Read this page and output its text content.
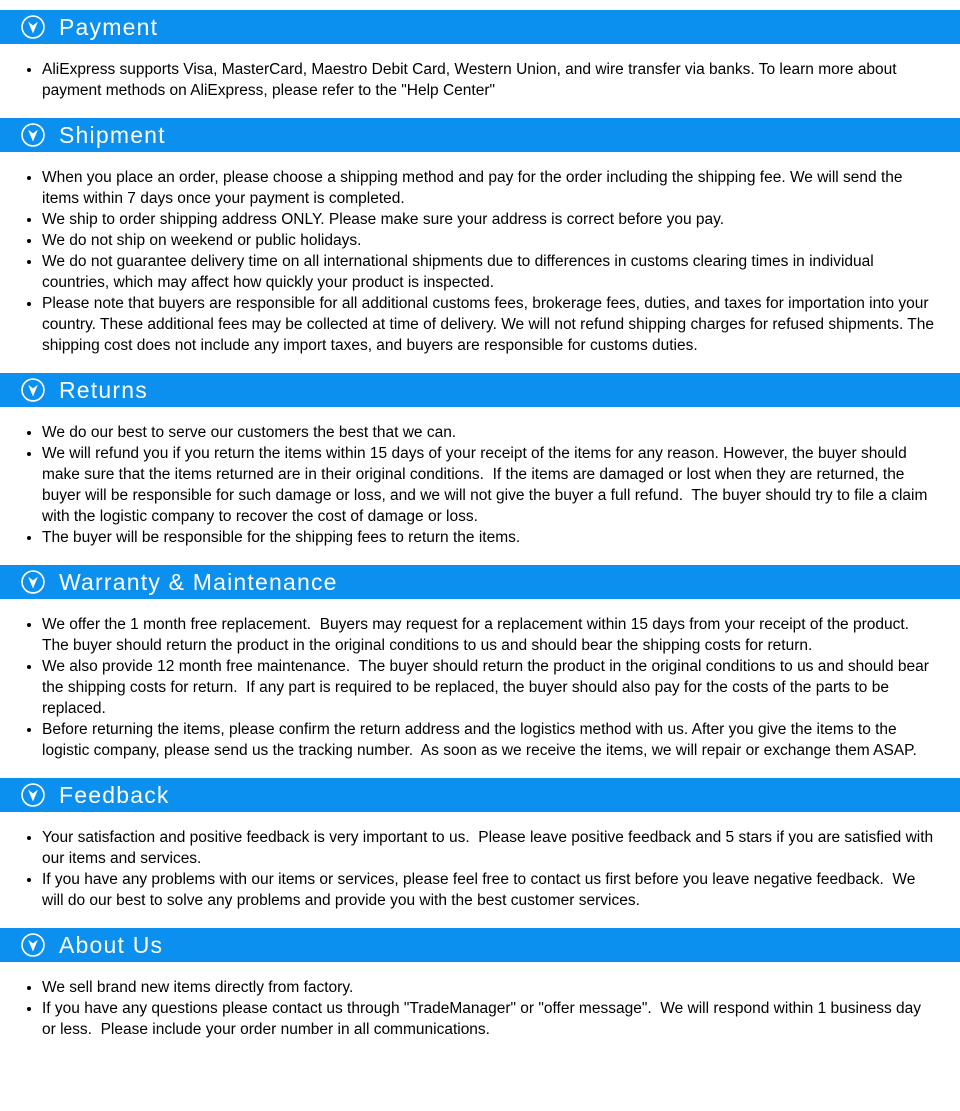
Payment
• AliExpress supports Visa, MasterCard, Maestro Debit Card, Western Union, and wire transfer via banks. To learn more about payment methods on AliExpress, please refer to the "Help Center"
Shipment
• When you place an order, please choose a shipping method and pay for the order including the shipping fee. We will send the items within 7 days once your payment is completed.
• We ship to order shipping address ONLY. Please make sure your address is correct before you pay.
• We do not ship on weekend or public holidays.
• We do not guarantee delivery time on all international shipments due to differences in customs clearing times in individual countries, which may affect how quickly your product is inspected.
• Please note that buyers are responsible for all additional customs fees, brokerage fees, duties, and taxes for importation into your country. These additional fees may be collected at time of delivery. We will not refund shipping charges for refused shipments. The shipping cost does not include any import taxes, and buyers are responsible for customs duties.
Returns
• We do our best to serve our customers the best that we can.
• We will refund you if you return the items within 15 days of your receipt of the items for any reason. However, the buyer should make sure that the items returned are in their original conditions.  If the items are damaged or lost when they are returned, the buyer will be responsible for such damage or loss, and we will not give the buyer a full refund.  The buyer should try to file a claim with the logistic company to recover the cost of damage or loss.
• The buyer will be responsible for the shipping fees to return the items.
Warranty & Maintenance
• We offer the 1 month free replacement.  Buyers may request for a replacement within 15 days from your receipt of the product. The buyer should return the product in the original conditions to us and should bear the shipping costs for return.
• We also provide 12 month free maintenance.  The buyer should return the product in the original conditions to us and should bear the shipping costs for return.  If any part is required to be replaced, the buyer should also pay for the costs of the parts to be replaced.
• Before returning the items, please confirm the return address and the logistics method with us. After you give the items to the logistic company, please send us the tracking number.  As soon as we receive the items, we will repair or exchange them ASAP.
Feedback
• Your satisfaction and positive feedback is very important to us.  Please leave positive feedback and 5 stars if you are satisfied with our items and services.
• If you have any problems with our items or services, please feel free to contact us first before you leave negative feedback.  We will do our best to solve any problems and provide you with the best customer services.
About Us
• We sell brand new items directly from factory.
• If you have any questions please contact us through "TradeManager" or "offer message".  We will respond within 1 business day or less.  Please include your order number in all communications.
